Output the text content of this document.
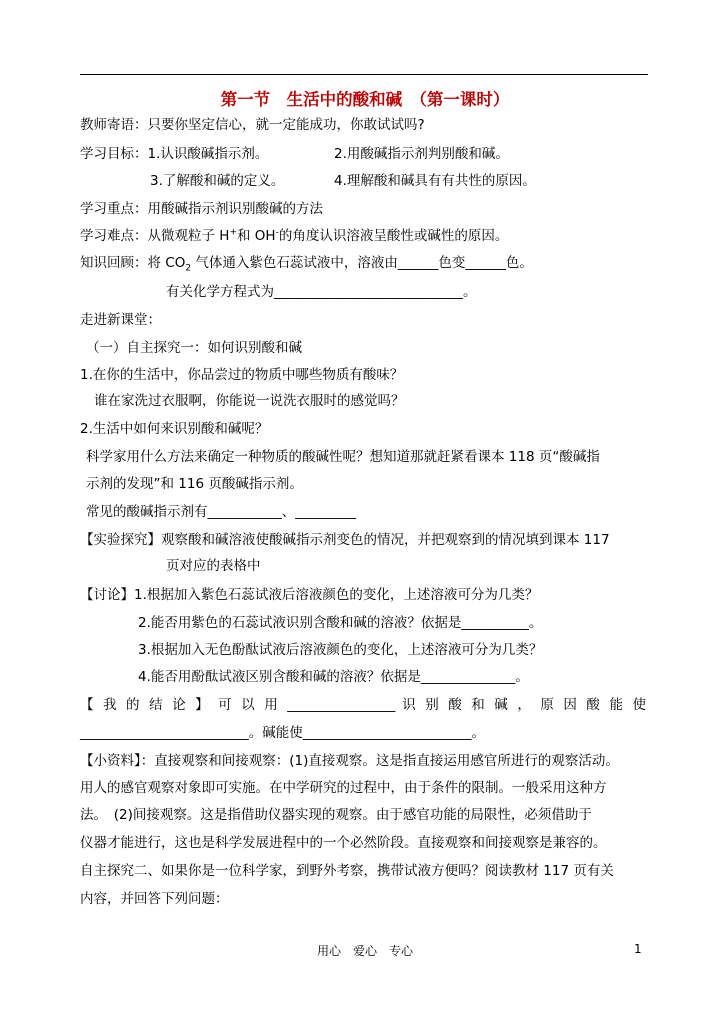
第一节　生活中的酸和碱　（第一课时）
教师寄语：只要你坚定信心，就一定能成功，你敢试试吗?
学习目标：1.认识酸碱指示剂。	2.用酸碱指示剂判别酸和碱。
3.了解酸和碱的定义。	4.理解酸和碱具有有共性的原因。
学习重点：用酸碱指示剂识别酸碱的方法
学习难点：从微观粒子 H+和 OH-的角度认识溶液呈酸性或碱性的原因。
知识回顾：将 $CO_2$ 气体通入紫色石蕊试液中，溶液由______色变______色。
有关化学方程式为____________________________。
走进新课堂：
（一）自主探究一：如何识别酸和碱
1.在你的生活中，你品尝过的物质中哪些物质有酸味？
谁在家洗过衣服啊，你能说一说洗衣服时的感觉吗？
2.生活中如何来识别酸和碱呢？
科学家用什么方法来确定一种物质的酸碱性呢？想知道那就赶紧看课本 118 页“酸碱指
示剂的发现”和 116 页酸碱指示剂。
常见的酸碱指示剂有___________、_________
【实验探究】观察酸和碱溶液使酸碱指示剂变色的情况，并把观察到的情况填到课本 117
页对应的表格中
【讨论】1.根据加入紫色石蕊试液后溶液颜色的变化，上述溶液可分为几类？
2.能否用紫色的石蕊试液识别含酸和碱的溶液？依据是__________。
3.根据加入无色酚酞试液后溶液颜色的变化，上述溶液可分为几类？
4.能否用酚酞试液区别含酸和碱的溶液？依据是______________。
【 我 的 结 论 】 可 以 用 ________________ 识 别 酸 和 碱 ， 原 因 酸 能 使
_________________________。碱能使_________________________。
【小资料】：直接观察和间接观察：(1)直接观察。这是指直接运用感官所进行的观察活动。
用人的感官观察对象即可实施。在中学研究的过程中，由于条件的限制。一般采用这种方
法。　(2)间接观察。这是指借助仪器实现的观察。由于感官功能的局限性，必须借助于
仪器才能进行，这也是科学发展进程中的一个必然阶段。直接观察和间接观察是兼容的。
自主探究二、如果你是一位科学家，到野外考察，携带试液方便吗？阅读教材 117 页有关
内容，并回答下列问题：
用心　爱心　专心	1
